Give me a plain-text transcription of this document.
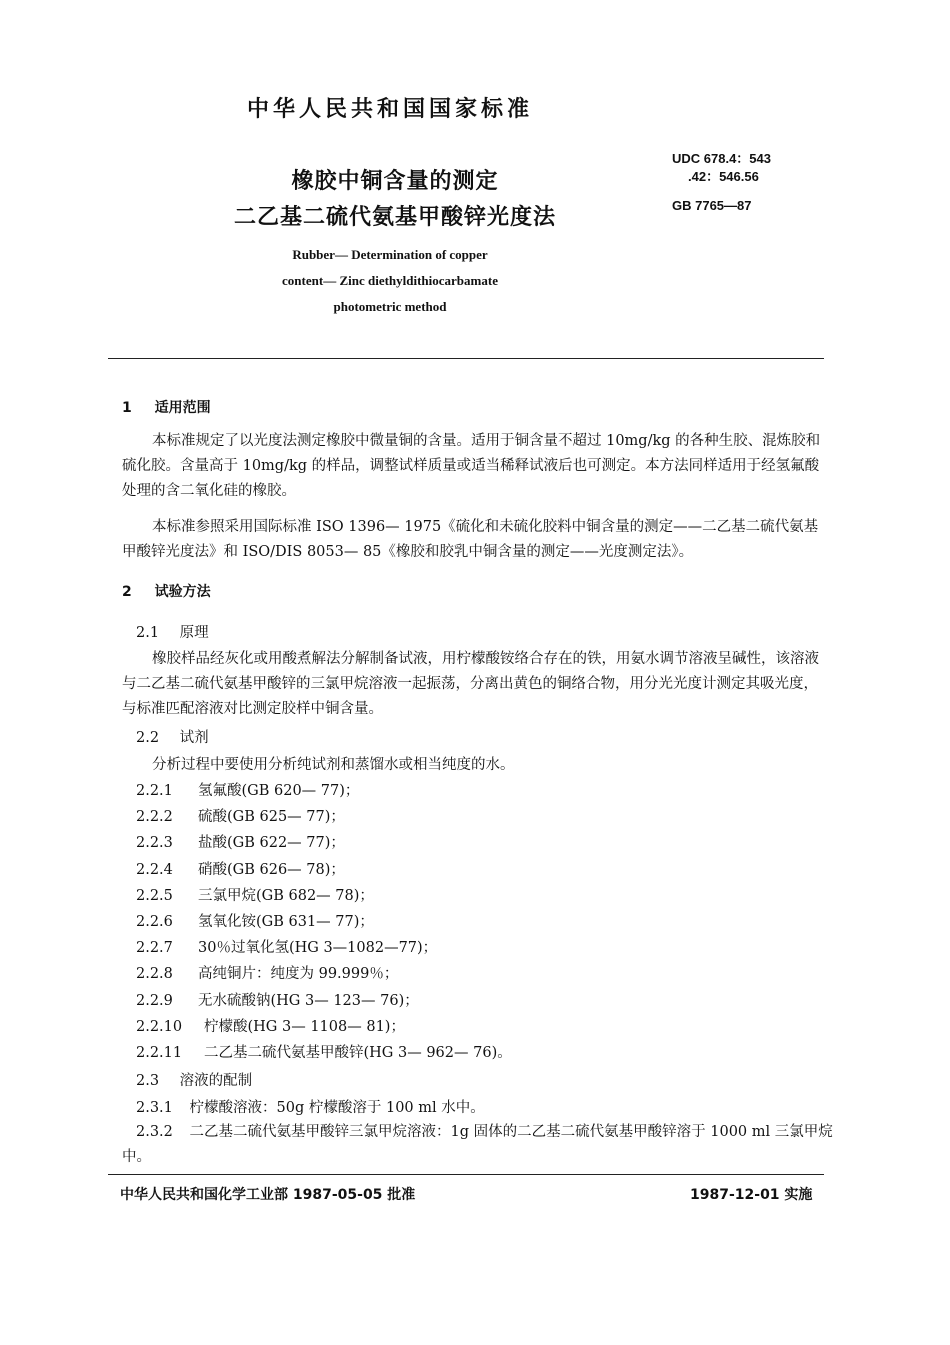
中华人民共和国国家标准
橡胶中铜含量的测定
二乙基二硫代氨基甲酸锌光度法
UDC 678.4：543
.42：546.56
GB 7765—87
Rubber— Determination of copper
content— Zinc diethyldithiocarbamate
photometric method
1 适用范围
本标准规定了以光度法测定橡胶中微量铜的含量。适用于铜含量不超过 10mg/kg 的各种生胶、混炼胶和硫化胶。含量高于 10mg/kg 的样品，调整试样质量或适当稀释试液后也可测定。本方法同样适用于经氢氟酸处理的含二氧化硅的橡胶。
本标准参照采用国际标准 ISO 1396— 1975《硫化和未硫化胶料中铜含量的测定——二乙基二硫代氨基甲酸锌光度法》和 ISO/DIS 8053— 85《橡胶和胶乳中铜含量的测定——光度测定法》。
2 试验方法
2.1 原理
橡胶样品经灰化或用酸煮解法分解制备试液，用柠檬酸铵络合存在的铁，用氨水调节溶液呈碱性，该溶液与二乙基二硫代氨基甲酸锌的三氯甲烷溶液一起振荡，分离出黄色的铜络合物，用分光光度计测定其吸光度，与标准匹配溶液对比测定胶样中铜含量。
2.2 试剂
分析过程中要使用分析纯试剂和蒸馏水或相当纯度的水。
2.2.1 氢氟酸(GB 620— 77)；
2.2.2 硫酸(GB 625— 77)；
2.2.3 盐酸(GB 622— 77)；
2.2.4 硝酸(GB 626— 78)；
2.2.5 三氯甲烷(GB 682— 78)；
2.2.6 氢氧化铵(GB 631— 77)；
2.2.7 30％过氧化氢(HG 3—1082—77)；
2.2.8 高纯铜片：纯度为 99.999％；
2.2.9 无水硫酸钠(HG 3— 123— 76)；
2.2.10 柠檬酸(HG 3— 1108— 81)；
2.2.11 二乙基二硫代氨基甲酸锌(HG 3— 962— 76)。
2.3 溶液的配制
2.3.1 柠檬酸溶液：50g 柠檬酸溶于 100 ml 水中。
2.3.2 二乙基二硫代氨基甲酸锌三氯甲烷溶液：1g 固体的二乙基二硫代氨基甲酸锌溶于 1000 ml 三氯甲烷中。
中华人民共和国化学工业部 1987-05-05 批准	1987-12-01 实施
